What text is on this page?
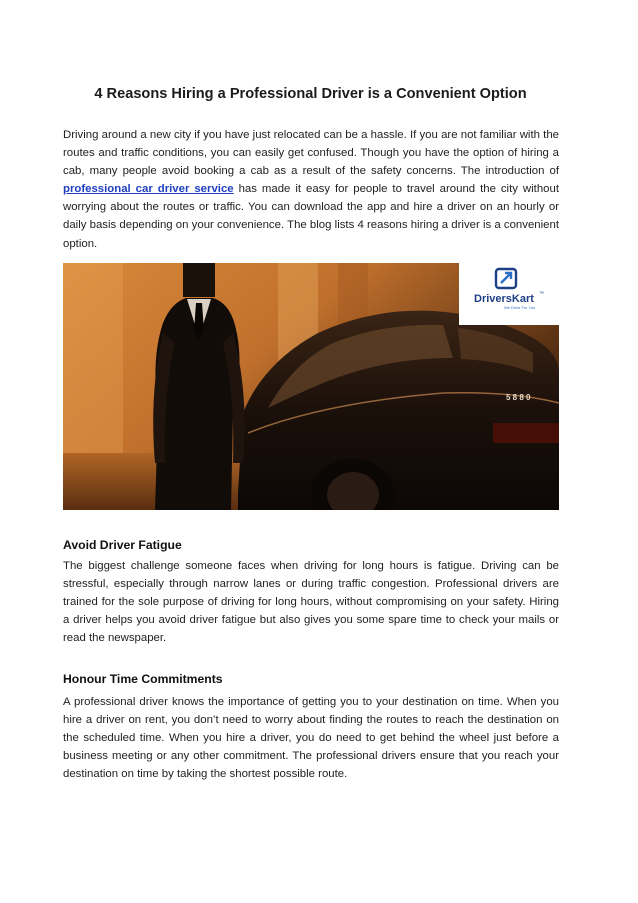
4 Reasons Hiring a Professional Driver is a Convenient Option

Driving around a new city if you have just relocated can be a hassle. If you are not familiar with the routes and traffic conditions, you can easily get confused. Though you have the option of hiring a cab, many people avoid booking a cab as a result of the safety concerns. The introduction of professional car driver service has made it easy for people to travel around the city without worrying about the routes or traffic. You can download the app and hire a driver on an hourly or daily basis depending on your convenience. The blog lists 4 reasons hiring a driver is a convenient option.

5 8 8 0
DriversKart ™
We Drive For You
Avoid Driver Fatigue

The biggest challenge someone faces when driving for long hours is fatigue. Driving can be stressful, especially through narrow lanes or during traffic congestion. Professional drivers are trained for the sole purpose of driving for long hours, without compromising on your safety. Hiring a driver helps you avoid driver fatigue but also gives you some spare time to check your mails or read the newspaper.

Honour Time Commitments

A professional driver knows the importance of getting you to your destination on time. When you hire a driver on rent, you don’t need to worry about finding the routes to reach the destination on the scheduled time. When you hire a driver, you do need to get behind the wheel just before a business meeting or any other commitment. The professional drivers ensure that you reach your destination on time by taking the shortest possible route.
